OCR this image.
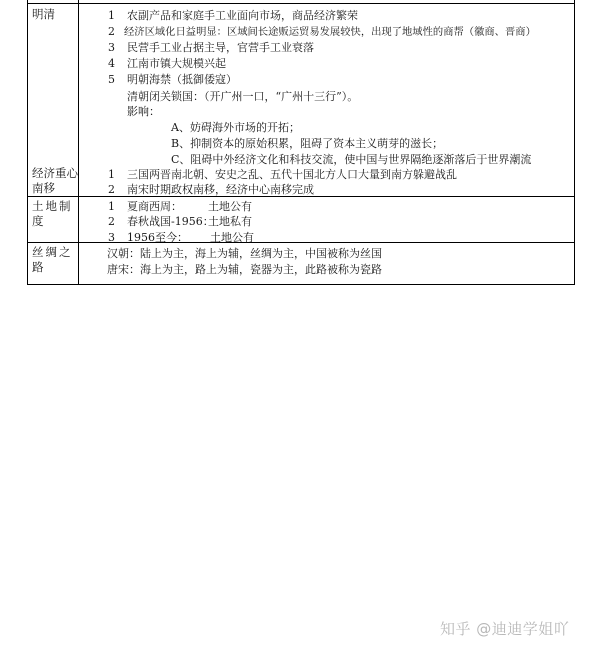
明清	1 农副产品和家庭手工业面向市场，商品经济繁荣
2 经济区域化日益明显：区域间长途贩运贸易发展较快，出现了地域性的商帮（徽商、晋商）
3 民营手工业占据主导，官营手工业衰落
4 江南市镇大规模兴起
5 明朝海禁（抵御倭寇）
清朝闭关锁国：（开广州一口，“广州十三行”）。
影响：
A、妨碍海外市场的开拓；
B、抑制资本的原始积累，阻碍了资本主义萌芽的滋长；
C、阻碍中外经济文化和科技交流，使中国与世界隔绝逐渐落后于世界潮流
经济重心南移
1 三国两晋南北朝、安史之乱、五代十国北方人口大量到南方躲避战乱
2 南宋时期政权南移，经济中心南移完成
土地制度
1 夏商西周： 土地公有
2 春秋战国-1956：
土地私有
3 1956至今： 土地公有
丝绸之路
汉朝：陆上为主，海上为辅，丝绸为主，中国被称为丝国
唐宋：海上为主，路上为辅，瓷器为主，此路被称为瓷路
知乎 @迪迪学姐吖
